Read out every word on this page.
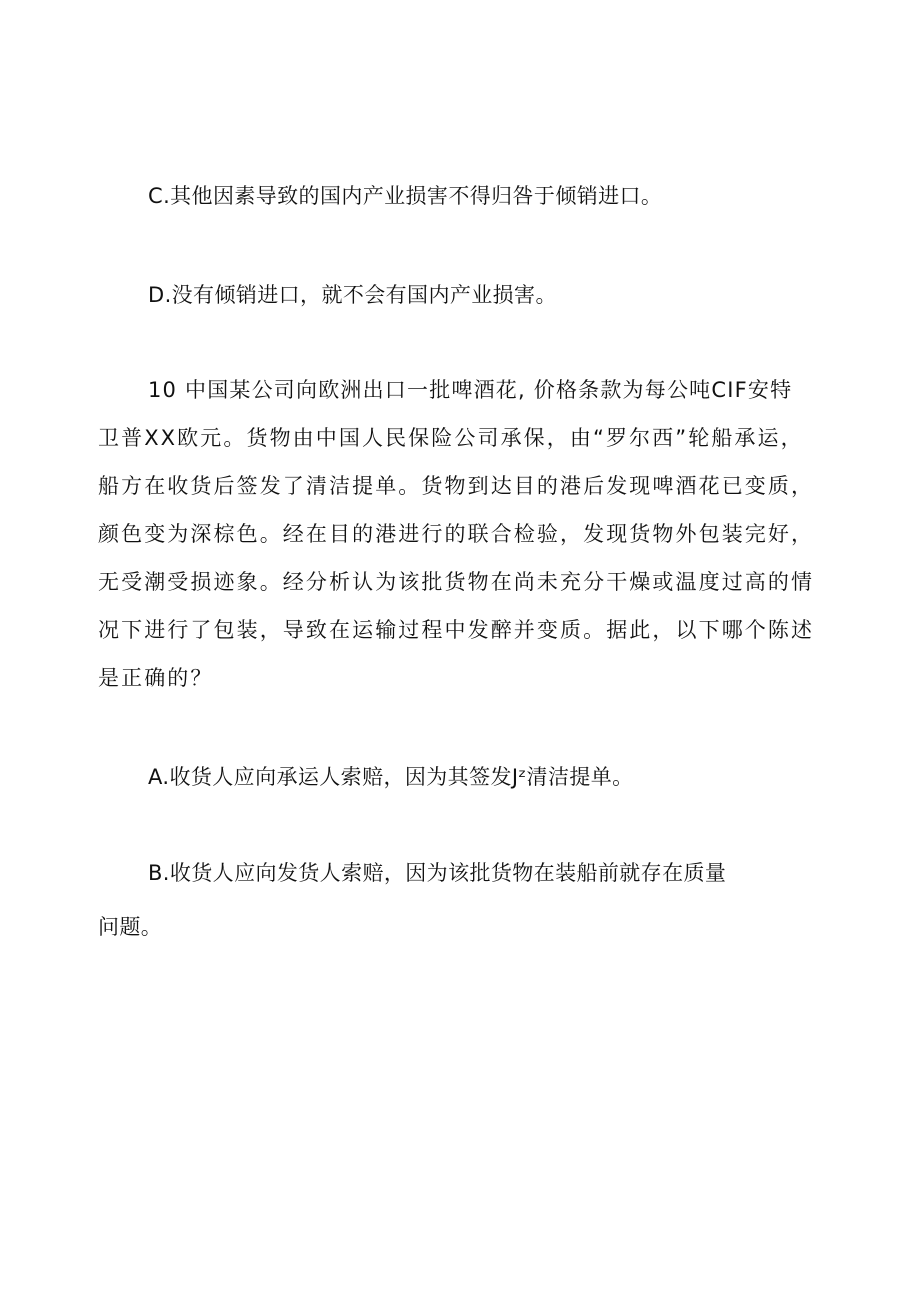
C.其他因素导致的国内产业损害不得归咎于倾销进口。
D.没有倾销进口，就不会有国内产业损害。
10 中国某公司向欧洲出口一批啤酒花, 价格条款为每公吨CIF安特
卫普XX欧元。货物由中国人民保险公司承保，由“罗尔西”轮船承运，
船方在收货后签发了清洁提单。货物到达目的港后发现啤酒花已变质，
颜色变为深棕色。经在目的港进行的联合检验，发现货物外包装完好，
无受潮受损迹象。经分析认为该批货物在尚未充分干燥或温度过高的情
况下进行了包装，导致在运输过程中发醉并变质。据此，以下哪个陈述
是正确的？
A.收货人应向承运人索赔，因为其签发Jᶻ清洁提单。
B.收货人应向发货人索赔，因为该批货物在装船前就存在质量
问题。
